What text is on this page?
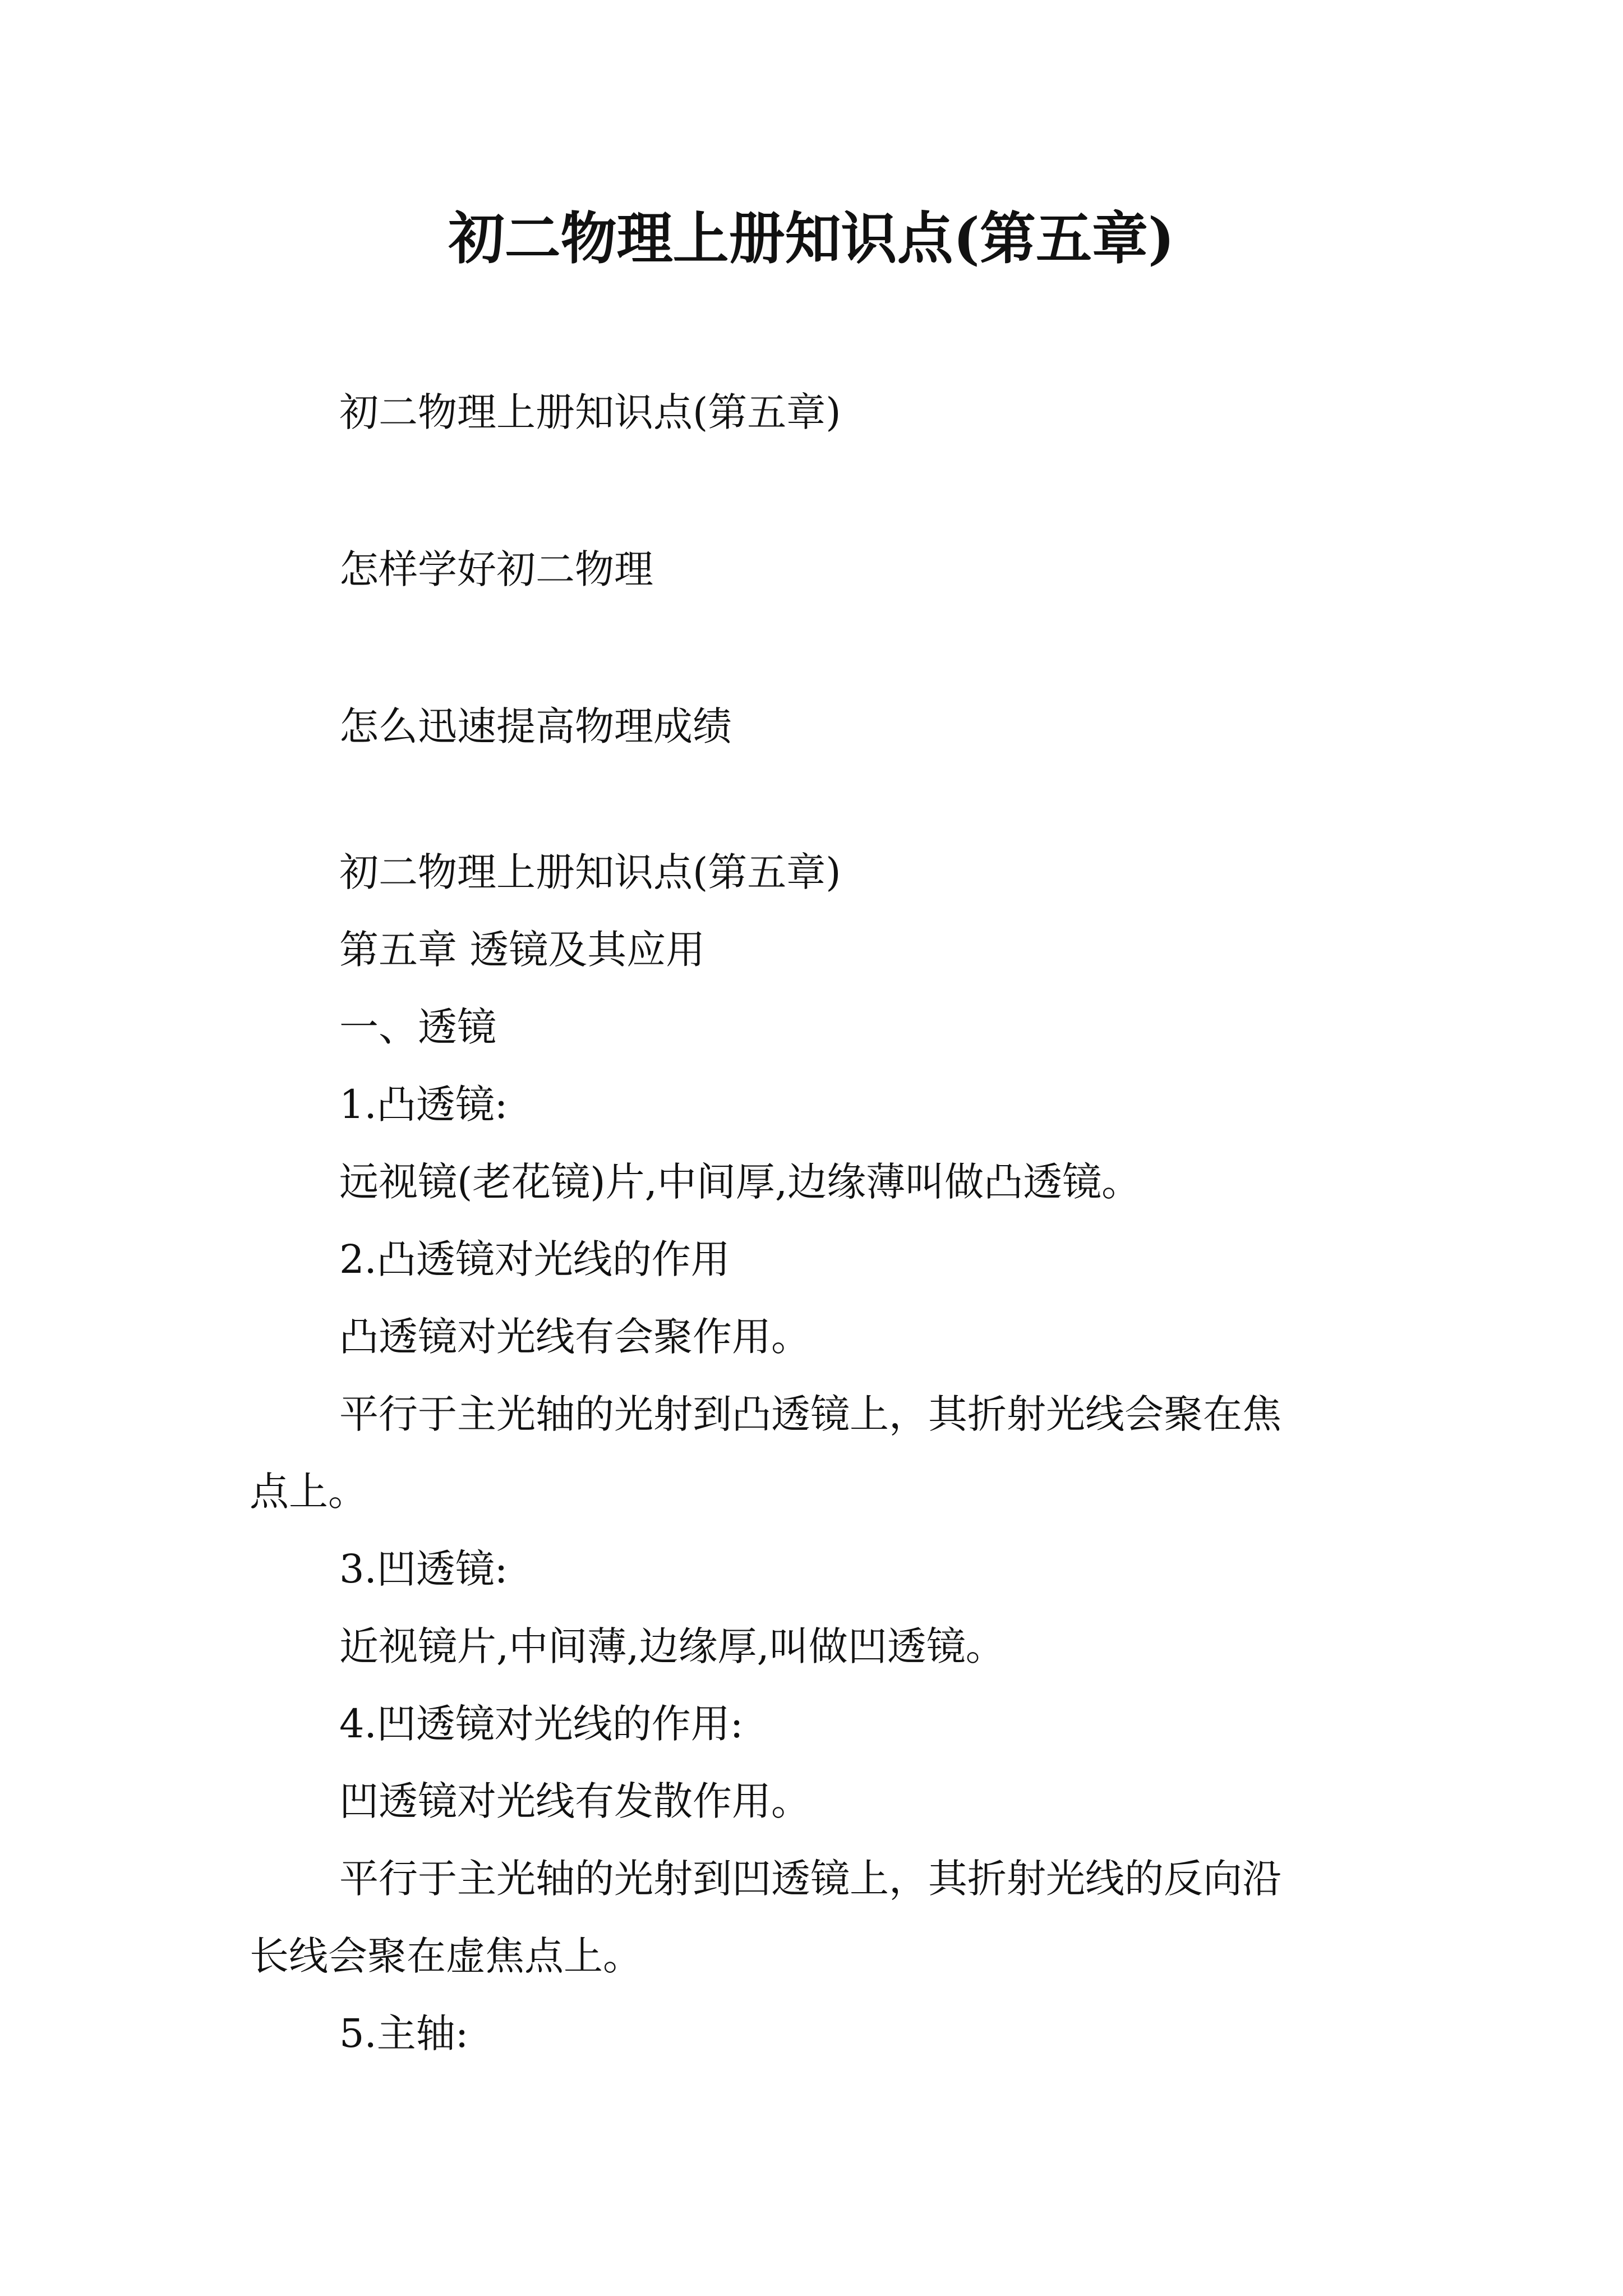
初二物理上册知识点(第五章)
初二物理上册知识点(第五章)
怎样学好初二物理
怎么迅速提高物理成绩
初二物理上册知识点(第五章)
第五章 透镜及其应用
一、透镜
1.凸透镜:
远视镜(老花镜)片,中间厚,边缘薄叫做凸透镜。
2.凸透镜对光线的作用
凸透镜对光线有会聚作用。
平行于主光轴的光射到凸透镜上，其折射光线会聚在焦
点上。
3.凹透镜:
近视镜片,中间薄,边缘厚,叫做凹透镜。
4.凹透镜对光线的作用:
凹透镜对光线有发散作用。
平行于主光轴的光射到凹透镜上，其折射光线的反向沿
长线会聚在虚焦点上。
5.主轴:
